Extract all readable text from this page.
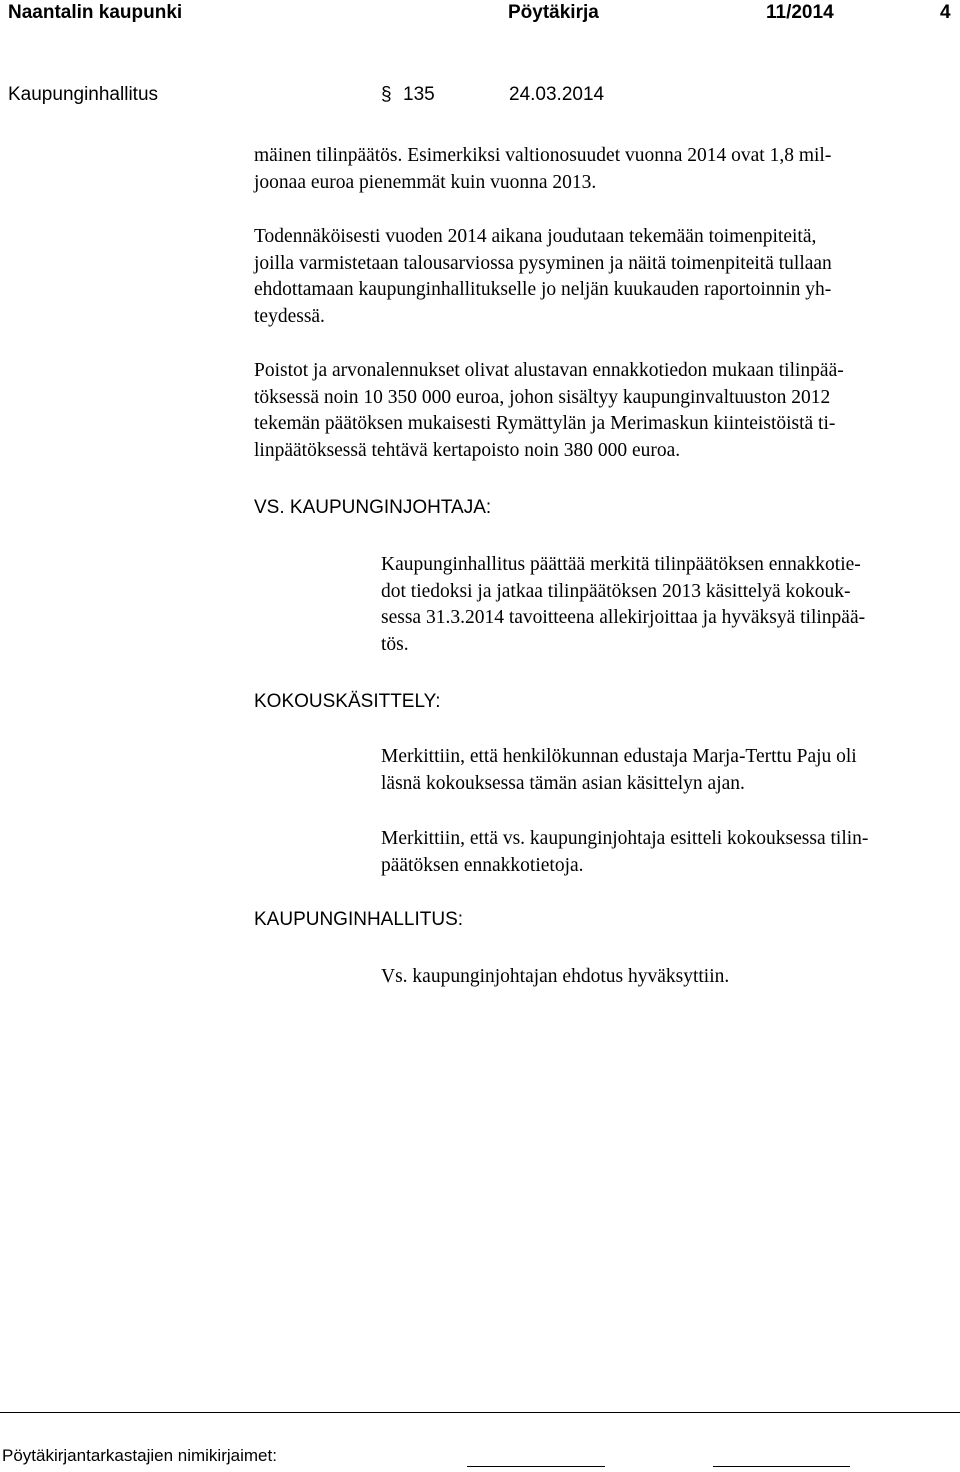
Naantalin kaupunki	Pöytäkirja	11/2014	4
Kaupunginhallitus	§ 135	24.03.2014
mäinen tilinpäätös. Esimerkiksi valtionosuudet vuonna 2014 ovat 1,8 mil-
joonaa euroa pienemmät kuin vuonna 2013.
Todennäköisesti vuoden 2014 aikana joudutaan tekemään toimenpiteitä,
joilla varmistetaan talousarviossa pysyminen ja näitä toimenpiteitä tullaan
ehdottamaan kaupunginhallitukselle jo neljän kuukauden raportoinnin yh-
teydessä.
Poistot ja arvonalennukset olivat alustavan ennakkotiedon mukaan tilinpää-
töksessä noin 10 350 000 euroa, johon sisältyy kaupunginvaltuuston 2012
tekemän päätöksen mukaisesti Rymättylän ja Merimaskun kiinteistöistä ti-
linpäätöksessä tehtävä kertapoisto noin 380 000 euroa.
VS. KAUPUNGINJOHTAJA:
Kaupunginhallitus päättää merkitä tilinpäätöksen ennakkotie-
dot tiedoksi ja jatkaa tilinpäätöksen 2013 käsittelyä kokouk-
sessa 31.3.2014 tavoitteena allekirjoittaa ja hyväksyä tilinpää-
tös.
KOKOUSKÄSITTELY:
Merkittiin, että henkilökunnan edustaja Marja-Terttu Paju oli
läsnä kokouksessa tämän asian käsittelyn ajan.
Merkittiin, että vs. kaupunginjohtaja esitteli kokouksessa tilin-
päätöksen ennakkotietoja.
KAUPUNGINHALLITUS:
Vs. kaupunginjohtajan ehdotus hyväksyttiin.
Pöytäkirjantarkastajien nimikirjaimet:
